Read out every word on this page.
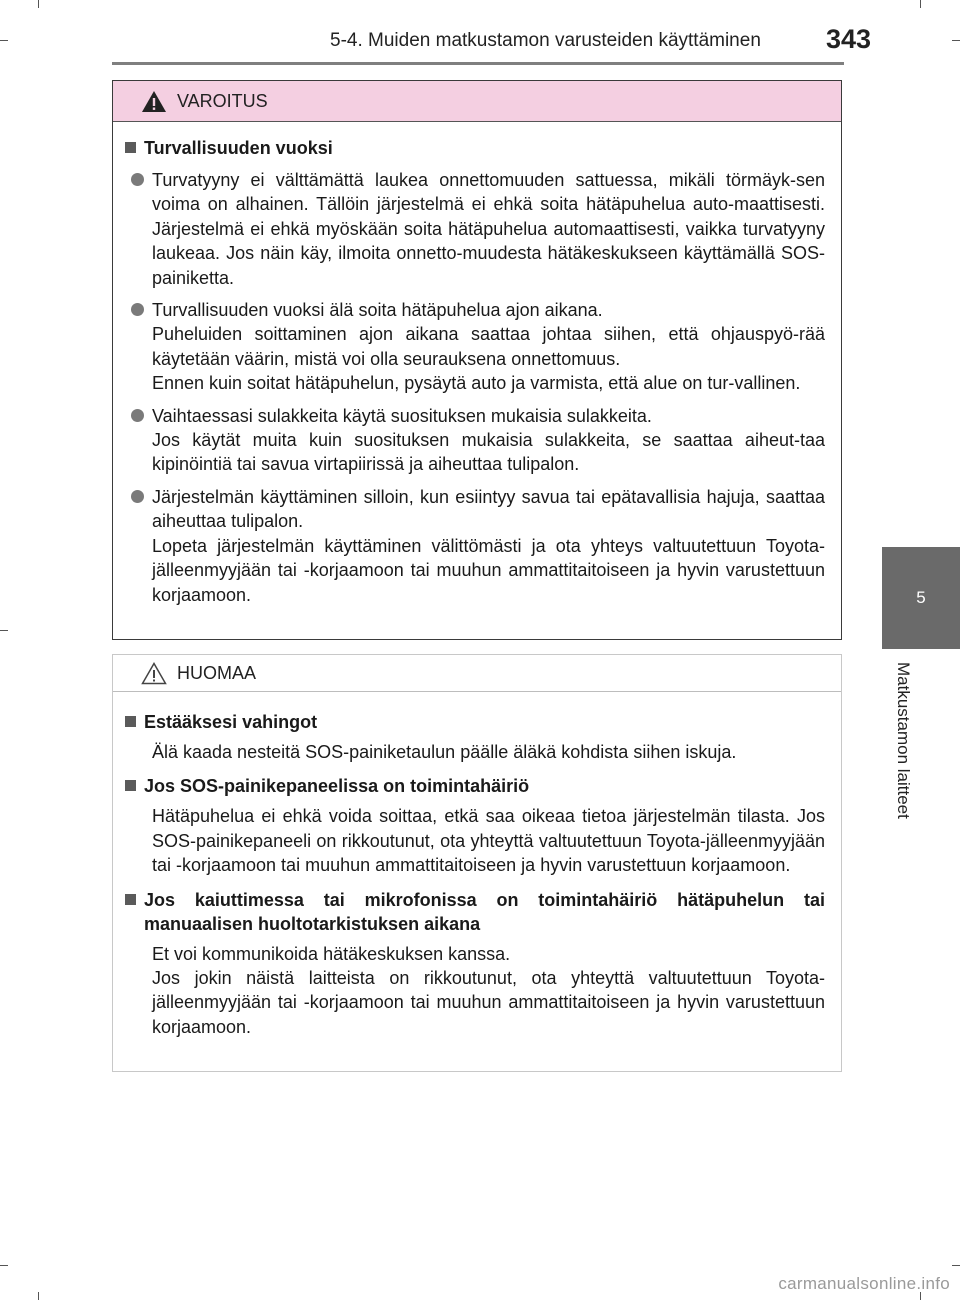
5-4. Muiden matkustamon varusteiden käyttäminen 343
5
Matkustamon laitteet
VAROITUS
Turvallisuuden vuoksi

Turvatyyny ei välttämättä laukea onnettomuuden sattuessa, mikäli törmäyk-sen voima on alhainen. Tällöin järjestelmä ei ehkä soita hätäpuhelua auto-maattisesti. Järjestelmä ei ehkä myöskään soita hätäpuhelua automaattisesti, vaikka turvatyyny laukeaa. Jos näin käy, ilmoita onnetto-muudesta hätäkeskukseen käyttämällä SOS-painiketta.

Turvallisuuden vuoksi älä soita hätäpuhelua ajon aikana.

Puheluiden soittaminen ajon aikana saattaa johtaa siihen, että ohjauspyö-rää käytetään väärin, mistä voi olla seurauksena onnettomuus.

Ennen kuin soitat hätäpuhelun, pysäytä auto ja varmista, että alue on tur-vallinen.

Vaihtaessasi sulakkeita käytä suosituksen mukaisia sulakkeita.

Jos käytät muita kuin suosituksen mukaisia sulakkeita, se saattaa aiheut-taa kipinöintiä tai savua virtapiirissä ja aiheuttaa tulipalon.

Järjestelmän käyttäminen silloin, kun esiintyy savua tai epätavallisia hajuja, saattaa aiheuttaa tulipalon.

Lopeta järjestelmän käyttäminen välittömästi ja ota yhteys valtuutettuun Toyota-jälleenmyyjään tai -korjaamoon tai muuhun ammattitaitoiseen ja hyvin varustettuun korjaamoon.

HUOMAA
Estääksesi vahingot

Älä kaada nesteitä SOS-painiketaulun päälle äläkä kohdista siihen iskuja.

Jos SOS-painikepaneelissa on toimintahäiriö

Hätäpuhelua ei ehkä voida soittaa, etkä saa oikeaa tietoa järjestelmän tilasta. Jos SOS-painikepaneeli on rikkoutunut, ota yhteyttä valtuutettuun Toyota-jälleenmyyjään tai -korjaamoon tai muuhun ammattitaitoiseen ja hyvin varustettuun korjaamoon.

Jos kaiuttimessa tai mikrofonissa on toimintahäiriö hätäpuhelun tai manuaalisen huoltotarkistuksen aikana

Et voi kommunikoida hätäkeskuksen kanssa.

Jos jokin näistä laitteista on rikkoutunut, ota yhteyttä valtuutettuun Toyota-jälleenmyyjään tai -korjaamoon tai muuhun ammattitaitoiseen ja hyvin varustettuun korjaamoon.

carmanualsonline.info
